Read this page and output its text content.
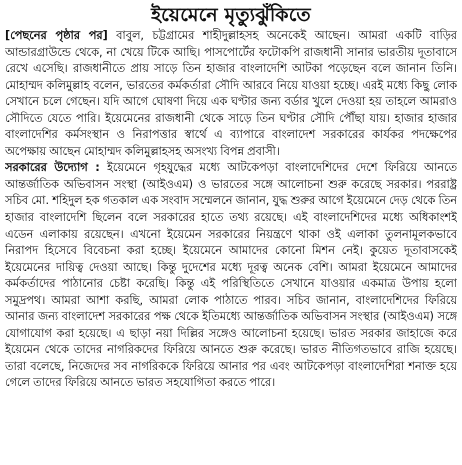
ইয়েমেনে মৃত্যুঝুঁকিতে

[পেছনের পৃষ্ঠার পর] বাবুল, চট্টগ্রামের শাহীদুল্লাহসহ অনেকেই আছেন। আমরা একটি বাড়ির আন্ডারগ্রাউন্ডে থেকে, না খেয়ে টিকে আছি। পাসপোর্টের ফটোকপি রাজধানী সানার ভারতীয় দূতাবাসে রেখে এসেছি। রাজধানীতে প্রায় সাড়ে তিন হাজার বাংলাদেশি আটকা পড়েছেন বলে জানান তিনি। মোহাম্মদ কলিমুল্লাহ বলেন, ভারতের কর্মকর্তারা সৌদি আরবে নিয়ে যাওয়া হচ্ছে। এরই মধ্যে কিছু লোক সেখানে চলে গেছেন। যদি আগে ঘোষণা দিয়ে এক ঘণ্টার জন্য বর্ডার খুলে দেওয়া হয় তাহলে আমরাও সৌদিতে যেতে পারি। ইয়েমেনের রাজধানী থেকে সাড়ে তিন ঘণ্টার সৌদি পৌঁছা যায়। হাজার হাজার বাংলাদেশির কর্মসংস্থান ও নিরাপত্তার স্বার্থে এ ব্যাপারে বাংলাদেশ সরকারের কার্যকর পদক্ষেপের অপেক্ষায় আছেন মোহাম্মদ কলিমুল্লাহসহ অসংখ্য বিপন্ন প্রবাসী।

সরকারের উদ্যোগ : ইয়েমেনে গৃহযুদ্ধের মধ্যে আটকেপড়া বাংলাদেশিদের দেশে ফিরিয়ে আনতে আন্তর্জাতিক অভিবাসন সংস্থা (আইওএম) ও ভারতের সঙ্গে আলোচনা শুরু করেছে সরকার। পররাষ্ট্র সচিব মো. শহিদুল হক গতকাল এক সংবাদ সম্মেলনে জানান, যুদ্ধ শুরুর আগে ইয়েমেনে দেড় থেকে তিন হাজার বাংলাদেশি ছিলেন বলে সরকারের হাতে তথ্য রয়েছে। এই বাংলাদেশিদের মধ্যে অধিকাংশই এডেন এলাকায় রয়েছেন। এখনো ইয়েমেন সরকারের নিয়ন্ত্রণে থাকা ওই এলাকা তুলনামূলকভাবে নিরাপদ হিসেবে বিবেচনা করা হচ্ছে। ইয়েমেনে আমাদের কোনো মিশন নেই। কুয়েত দূতাবাসকেই ইয়েমেনের দায়িত্ব দেওয়া আছে। কিন্তু দুদেশের মধ্যে দূরত্ব অনেক বেশি। আমরা ইয়েমেনে আমাদের কর্মকর্তাদের পাঠানোর চেষ্টা করেছি। কিন্তু এই পরিস্থিতিতে সেখানে যাওয়ার একমাত্র উপায় হলো সমুদ্রপথ। আমরা আশা করছি, আমরা লোক পাঠাতে পারব। সচিব জানান, বাংলাদেশিদের ফিরিয়ে আনার জন্য বাংলাদেশ সরকারের পক্ষ থেকে ইতিমধ্যে আন্তর্জাতিক অভিবাসন সংস্থার (আইওএম) সঙ্গে যোগাযোগ করা হয়েছে। এ ছাড়া নয়া দিল্লির সঙ্গেও আলোচনা হয়েছে। ভারত সরকার জাহাজে করে ইয়েমেন থেকে তাদের নাগরিকদের ফিরিয়ে আনতে শুরু করেছে। ভারত নীতিগতভাবে রাজি হয়েছে। তারা বলেছে, নিজেদের সব নাগরিককে ফিরিয়ে আনার পর এবং আটকেপড়া বাংলাদেশিরা শনাক্ত হয়ে গেলে তাদের ফিরিয়ে আনতে ভারত সহযোগিতা করতে পারে।
